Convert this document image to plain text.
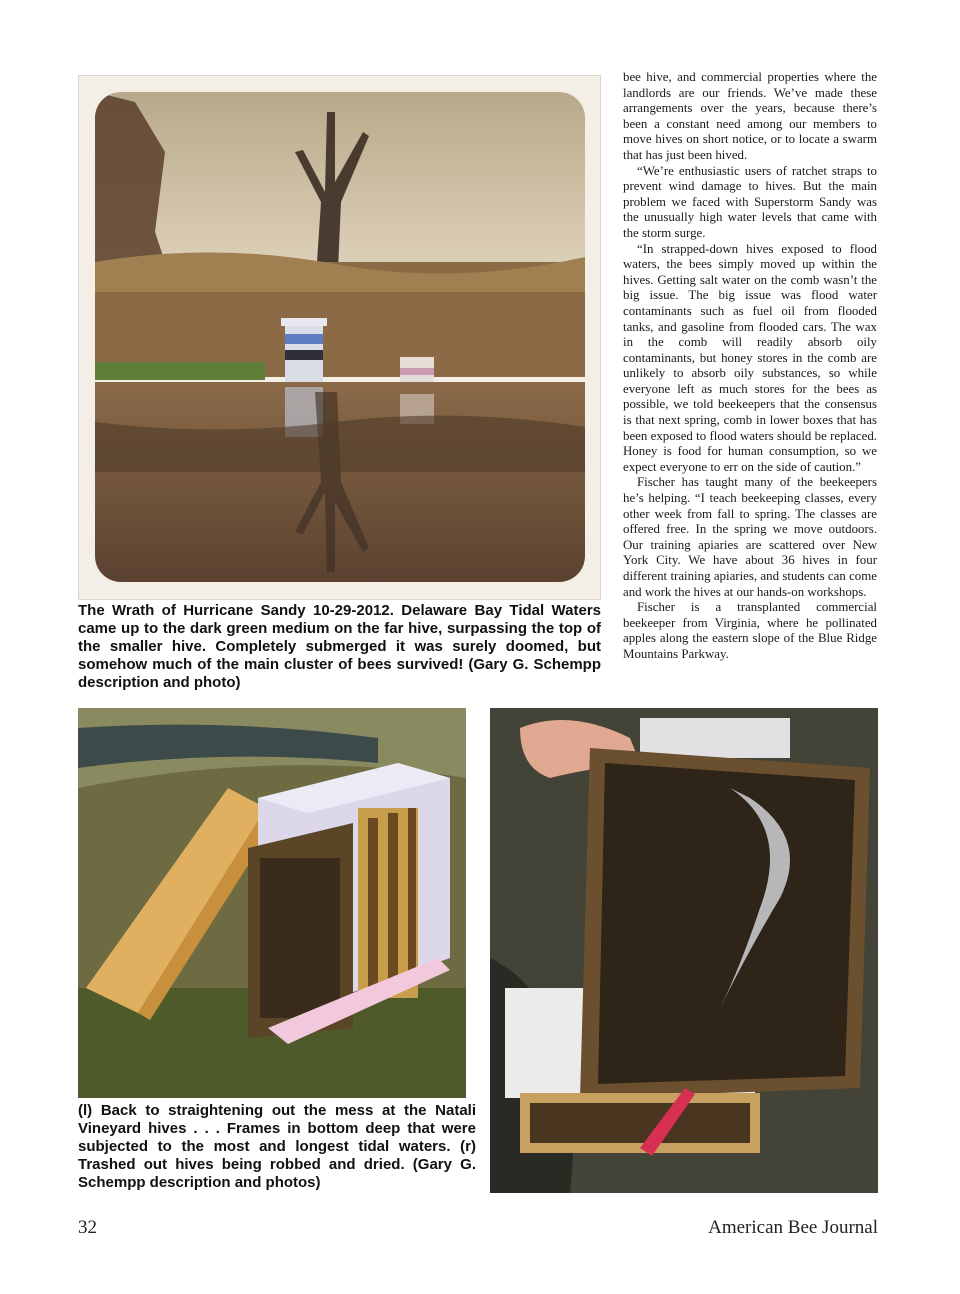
The Wrath of Hurricane Sandy 10-29-2012. Delaware Bay Tidal Waters came up to the dark green medium on the far hive, surpassing the top of the smaller hive. Completely submerged it was surely doomed, but somehow much of the main cluster of bees survived! (Gary G. Schempp description and photo)

bee hive, and commercial properties where the landlords are our friends. We’ve made these arrangements over the years, because there’s been a constant need among our members to move hives on short notice, or to locate a swarm that has just been hived.

“We’re enthusiastic users of ratchet straps to prevent wind damage to hives. But the main problem we faced with Superstorm Sandy was the unusually high water levels that came with the storm surge.

“In strapped-down hives exposed to flood waters, the bees simply moved up within the hives. Getting salt water on the comb wasn’t the big issue. The big issue was flood water contaminants such as fuel oil from flooded tanks, and gasoline from flooded cars. The wax in the comb will readily absorb oily contaminants, but honey stores in the comb are unlikely to absorb oily substances, so while everyone left as much stores for the bees as possible, we told beekeepers that the consensus is that next spring, comb in lower boxes that has been exposed to flood waters should be replaced. Honey is food for human consumption, so we expect everyone to err on the side of caution.”

Fischer has taught many of the beekeepers he’s helping. “I teach beekeeping classes, every other week from fall to spring. The classes are offered free. In the spring we move outdoors. Our training apiaries are scattered over New York City. We have about 36 hives in four different training apiaries, and students can come and work the hives at our hands-on workshops.

Fischer is a transplanted commercial beekeeper from Virginia, where he pollinated apples along the eastern slope of the Blue Ridge Mountains Parkway.

(l) Back to straightening out the mess at the Natali Vineyard hives . . . Frames in bottom deep that were subjected to the most and longest tidal waters. (r) Trashed out hives being robbed and dried. (Gary G. Schempp description and photos)
32	American Bee Journal
